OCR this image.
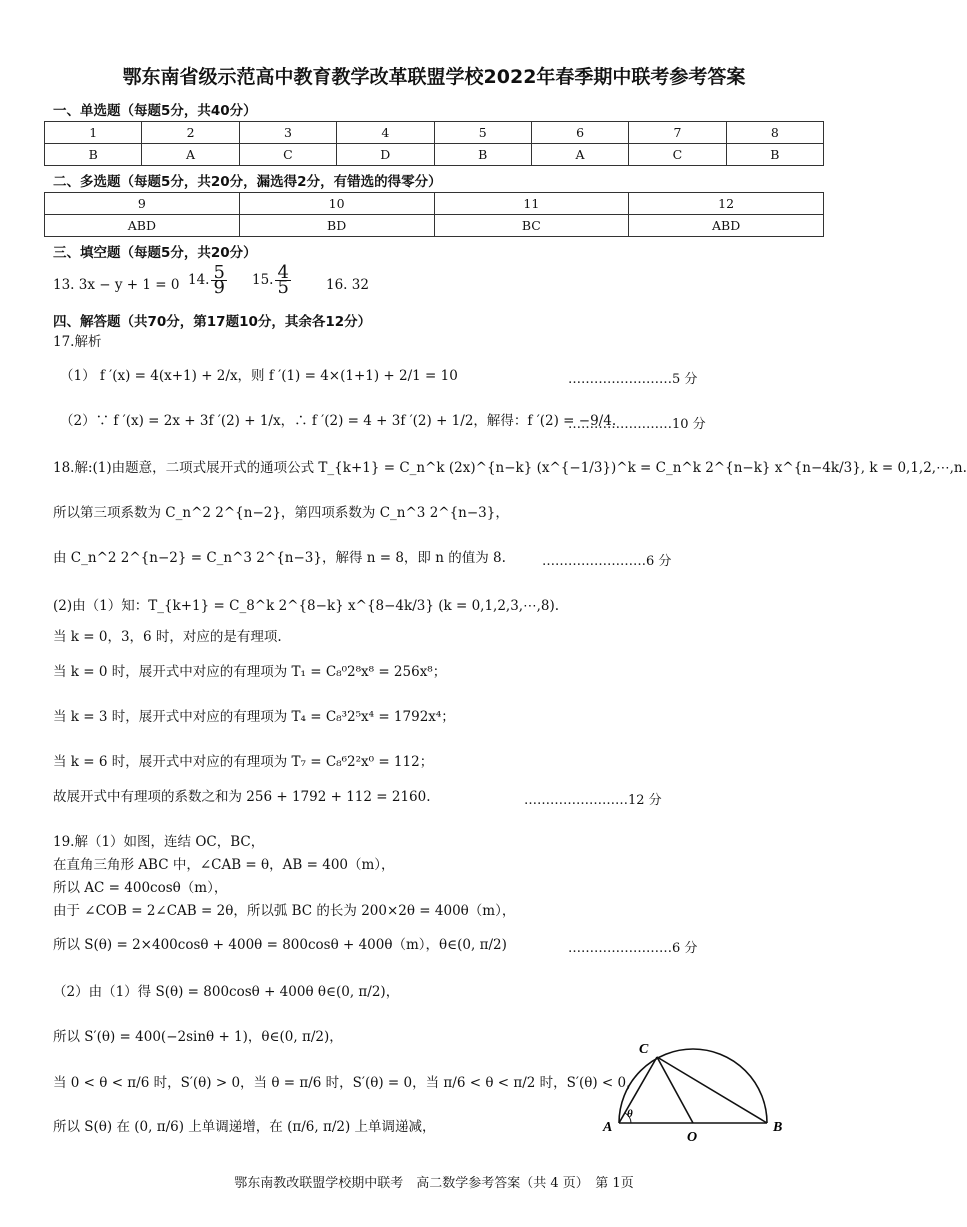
鄂东南省级示范高中教育教学改革联盟学校2022年春季期中联考参考答案
一、单选题（每题5分，共40分）
1	2	3	4	5	6	7	8
B	A	C	D	B	A	C	B
二、多选题（每题5分，共20分，漏选得2分，有错选的得零分）
9	10	11	12
ABD	BD	BC	ABD
三、填空题（每题5分，共20分）
13. 3x − y + 1 = 0 14. $\frac{5}{9} 15$. $\frac{4}{5}$	16. 32
四、解答题（共70分，第17题10分，其余各12分）
17.解析
（1） f ′(x) = 4(x+1) + 2/x，则 f ′(1) = 4×(1+1) + 2/1 = 10	……………………5 分
（2）∵ f ′(x) = 2x + 3f ′(2) + 1/x，∴ f ′(2) = 4 + 3f ′(2) + 1/2，解得：f ′(2) = −9/4.
……………………10 分
18.解:(1)由题意，二项式展开式的通项公式 T_{k+1} = C_n^k (2x)^{n−k} (x^{−1/3})^k = C_n^k 2^{n−k} x^{n−4k/3}, k = 0,1,2,⋯,n.
所以第三项系数为 C_n^2 2^{n−2}，第四项系数为 C_n^3 2^{n−3}，
由 C_n^2 2^{n−2} = C_n^3 2^{n−3}，解得 n = 8，即 n 的值为 8.	……………………6 分
(2)由（1）知：T_{k+1} = C_8^k 2^{8−k} x^{8−4k/3} (k = 0,1,2,3,⋯,8).
当 k = 0，3，6 时，对应的是有理项.
当 k = 0 时，展开式中对应的有理项为 T₁ = C₈⁰2⁸x⁸ = 256x⁸；
当 k = 3 时，展开式中对应的有理项为 T₄ = C₈³2⁵x⁴ = 1792x⁴；
当 k = 6 时，展开式中对应的有理项为 T₇ = C₈⁶2²x⁰ = 112；
故展开式中有理项的系数之和为 256 + 1792 + 112 = 2160.	……………………12 分
19.解（1）如图，连结 OC，BC，
在直角三角形 ABC 中，∠CAB = θ，AB = 400（m），
所以 AC = 400cosθ（m），
由于 ∠COB = 2∠CAB = 2θ，所以弧 BC 的长为 200×2θ = 400θ（m），
所以 S(θ) = 2×400cosθ + 400θ = 800cosθ + 400θ（m），θ∈(0, π/2)	……………………6 分
（2）由（1）得 S(θ) = 800cosθ + 400θ θ∈(0, π/2)，
所以 S′(θ) = 400(−2sinθ + 1)，θ∈(0, π/2)，
当 0 < θ < π/6 时，S′(θ) > 0，当 θ = π/6 时，S′(θ) = 0，当 π/6 < θ < π/2 时，S′(θ) < 0，
所以 S(θ) 在 (0, π/6) 上单调递增，在 (π/6, π/2) 上单调递减，	A	B
C
O
θ
鄂东南教改联盟学校期中联考　高二数学参考答案（共 4 页）　第 1页
